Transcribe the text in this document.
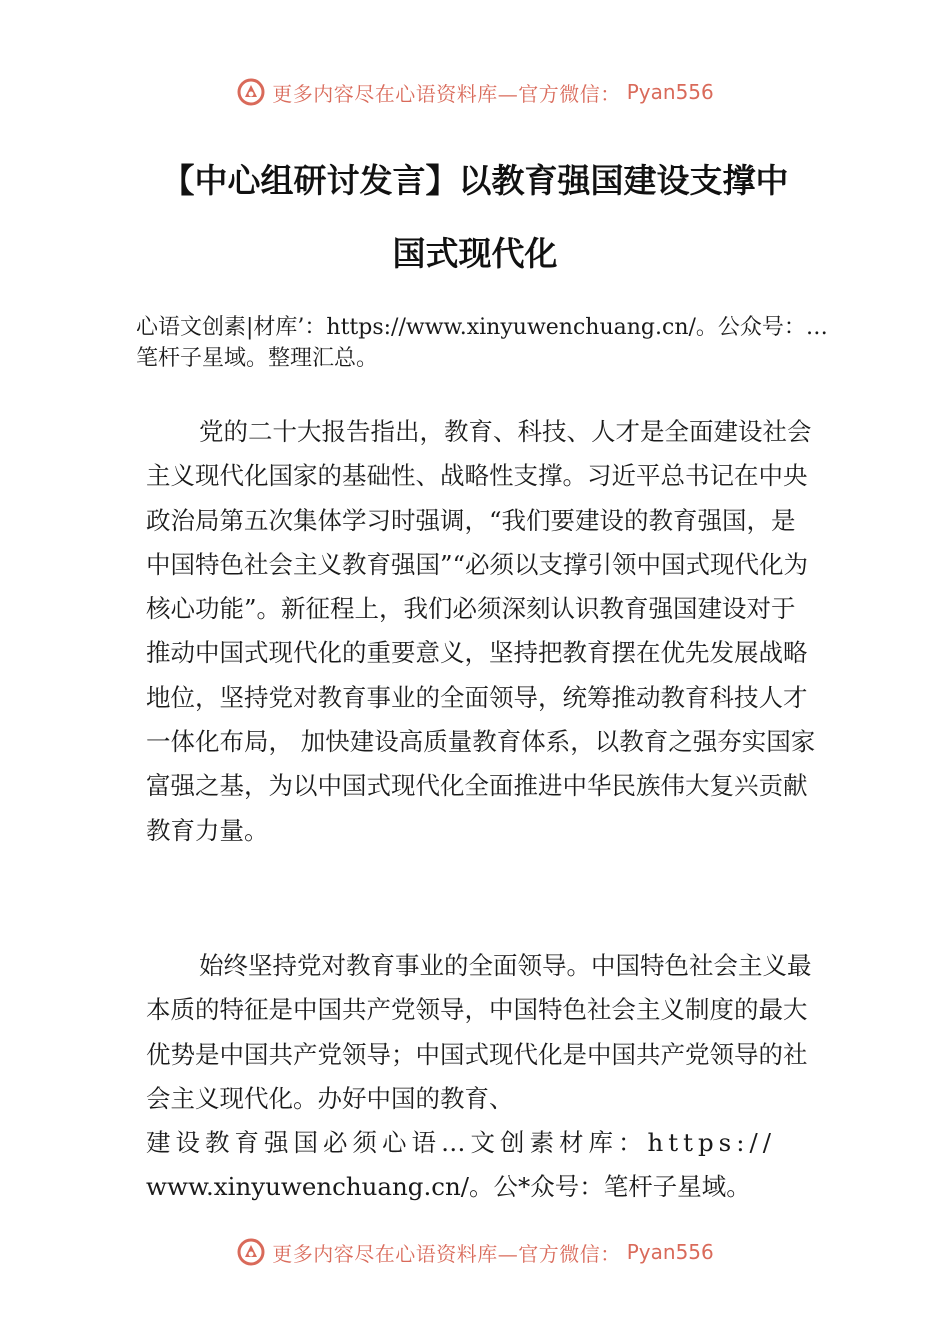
更多内容尽在心语资料库—官方微信： Pyan556
【中心组研讨发言】以教育强国建设支撑中
国式现代化
心语文创素|材库’：https://www.xinyuwenchuang.cn/。公众号：…笔杆子星域。整理汇总。

党的二十大报告指出，教育、科技、人才是全面建设社会主义现代化国家的基础性、战略性支撑。习近平总书记在中央政治局第五次集体学习时强调，“我们要建设的教育强国，是中国特色社会主义教育强国”“必须以支撑引领中国式现代化为核心功能”。新征程上，我们必须深刻认识教育强国建设对于推动中国式现代化的重要意义，坚持把教育摆在优先发展战略地位，坚持党对教育事业的全面领导，统筹推动教育科技人才一体化布局， 加快建设高质量教育体系，以教育之强夯实国家富强之基，为以中国式现代化全面推进中华民族伟大复兴贡献教育力量。

始终坚持党对教育事业的全面领导。中国特色社会主义最本质的特征是中国共产党领导，中国特色社会主义制度的最大优势是中国共产党领导；中国式现代化是中国共产党领导的社会主义现代化。办好中国的教育、

建设教育强国必须心语…文创素材库：https://

www.xinyuwenchuang.cn/。公*众号：笔杆子星域。

更多内容尽在心语资料库—官方微信： Pyan556
